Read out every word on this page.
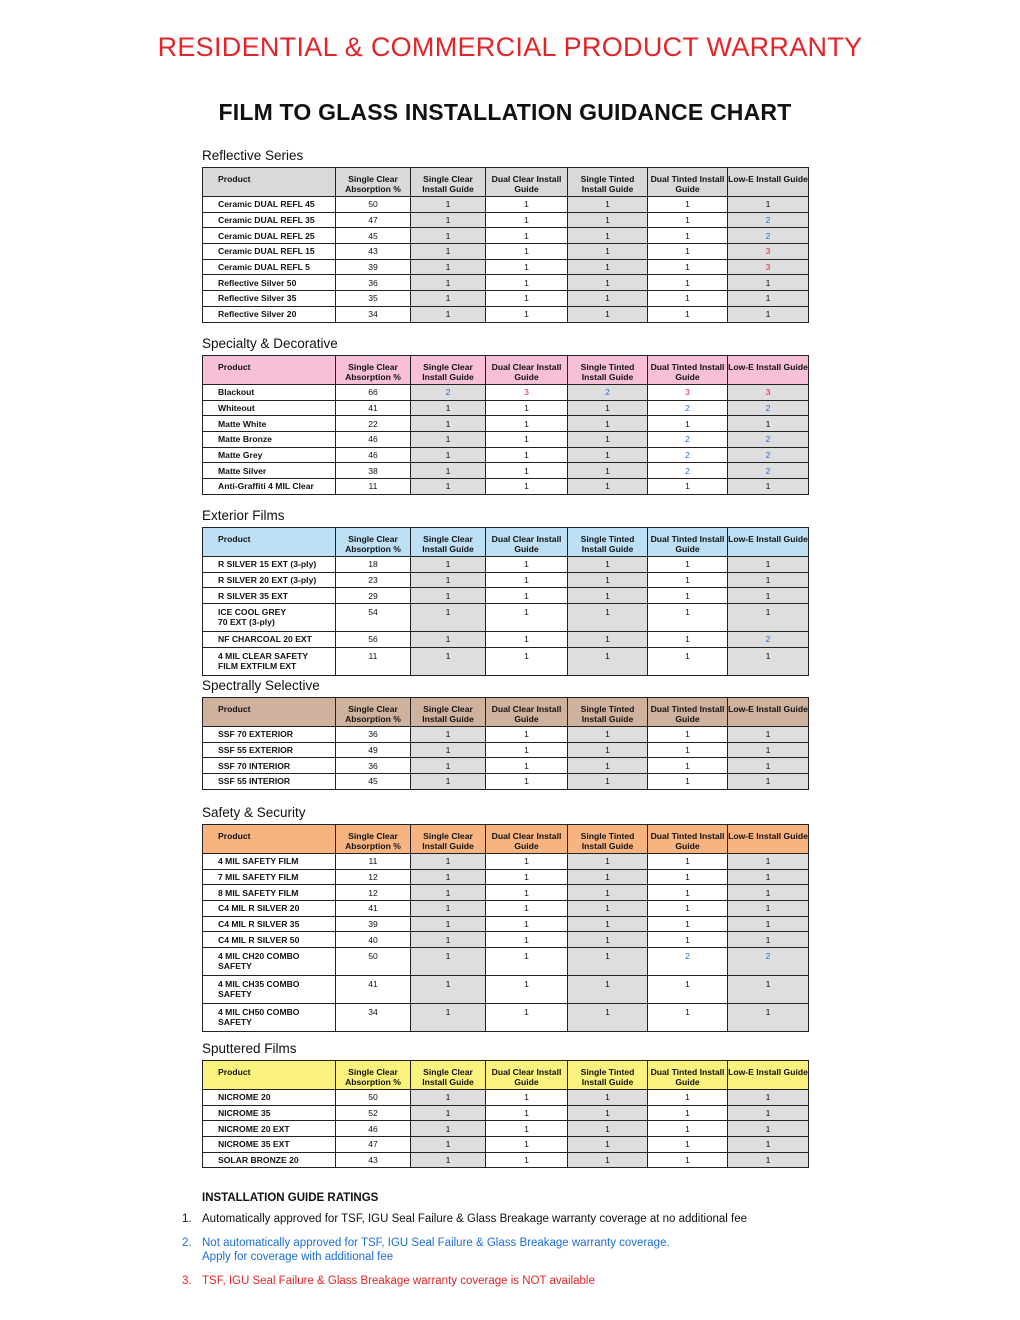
RESIDENTIAL & COMMERCIAL PRODUCT WARRANTY
FILM TO GLASS INSTALLATION GUIDANCE CHART
Reflective Series
Product	Single Clear Absorption %	Single Clear Install Guide	Dual Clear Install Guide	Single Tinted Install Guide	Dual Tinted Install Guide	Low-E Install Guide
Ceramic DUAL REFL 45	50	1	1	1	1	1
Ceramic DUAL REFL 35	47	1	1	1	1	2
Ceramic DUAL REFL 25	45	1	1	1	1	2
Ceramic DUAL REFL 15	43	1	1	1	1	3
Ceramic DUAL REFL 5	39	1	1	1	1	3
Reflective Silver 50	36	1	1	1	1	1
Reflective Silver 35	35	1	1	1	1	1
Reflective Silver 20	34	1	1	1	1	1
Specialty & Decorative
Product	Single Clear Absorption %	Single Clear Install Guide	Dual Clear Install Guide	Single Tinted Install Guide	Dual Tinted Install Guide	Low-E Install Guide
Blackout	66	2	3	2	3	3
Whiteout	41	1	1	1	2	2
Matte White	22	1	1	1	1	1
Matte Bronze	46	1	1	1	2	2
Matte Grey	46	1	1	1	2	2
Matte Silver	38	1	1	1	2	2
Anti-Graffiti 4 MIL Clear	11	1	1	1	1	1
Exterior Films
Product	Single Clear Absorption %	Single Clear Install Guide	Dual Clear Install Guide	Single Tinted Install Guide	Dual Tinted Install Guide	Low-E Install Guide
R SILVER 15 EXT (3-ply)	18	1	1	1	1	1
R SILVER 20 EXT (3-ply)	23	1	1	1	1	1
R SILVER 35 EXT	29	1	1	1	1	1
ICE COOL GREY
70 EXT (3-ply)	54	1	1	1	1	1
NF CHARCOAL 20 EXT	56	1	1	1	1	2
4 MIL CLEAR SAFETY
FILM EXTFILM EXT	11	1	1	1	1	1
Spectrally Selective
Product	Single Clear Absorption %	Single Clear Install Guide	Dual Clear Install Guide	Single Tinted Install Guide	Dual Tinted Install Guide	Low-E Install Guide
SSF 70 EXTERIOR	36	1	1	1	1	1
SSF 55 EXTERIOR	49	1	1	1	1	1
SSF 70 INTERIOR	36	1	1	1	1	1
SSF 55 INTERIOR	45	1	1	1	1	1
Safety & Security
Product	Single Clear Absorption %	Single Clear Install Guide	Dual Clear Install Guide	Single Tinted Install Guide	Dual Tinted Install Guide	Low-E Install Guide
4 MIL SAFETY FILM	11	1	1	1	1	1
7 MIL SAFETY FILM	12	1	1	1	1	1
8 MIL SAFETY FILM	12	1	1	1	1	1
C4 MIL R SILVER 20	41	1	1	1	1	1
C4 MIL R SILVER 35	39	1	1	1	1	1
C4 MIL R SILVER 50	40	1	1	1	1	1
4 MIL CH20 COMBO
SAFETY	50	1	1	1	2	2
4 MIL CH35 COMBO
SAFETY	41	1	1	1	1	1
4 MIL CH50 COMBO
SAFETY	34	1	1	1	1	1
Sputtered Films
Product	Single Clear Absorption %	Single Clear Install Guide	Dual Clear Install Guide	Single Tinted Install Guide	Dual Tinted Install Guide	Low-E Install Guide
NICROME 20	50	1	1	1	1	1
NICROME 35	52	1	1	1	1	1
NICROME 20 EXT	46	1	1	1	1	1
NICROME 35 EXT	47	1	1	1	1	1
SOLAR BRONZE 20	43	1	1	1	1	1
INSTALLATION GUIDE RATINGS
1. Automatically approved for TSF, IGU Seal Failure & Glass Breakage warranty coverage at no additional fee
2. Not automatically approved for TSF, IGU Seal Failure & Glass Breakage warranty coverage.
Apply for coverage with additional fee
3. TSF, IGU Seal Failure & Glass Breakage warranty coverage is NOT available
